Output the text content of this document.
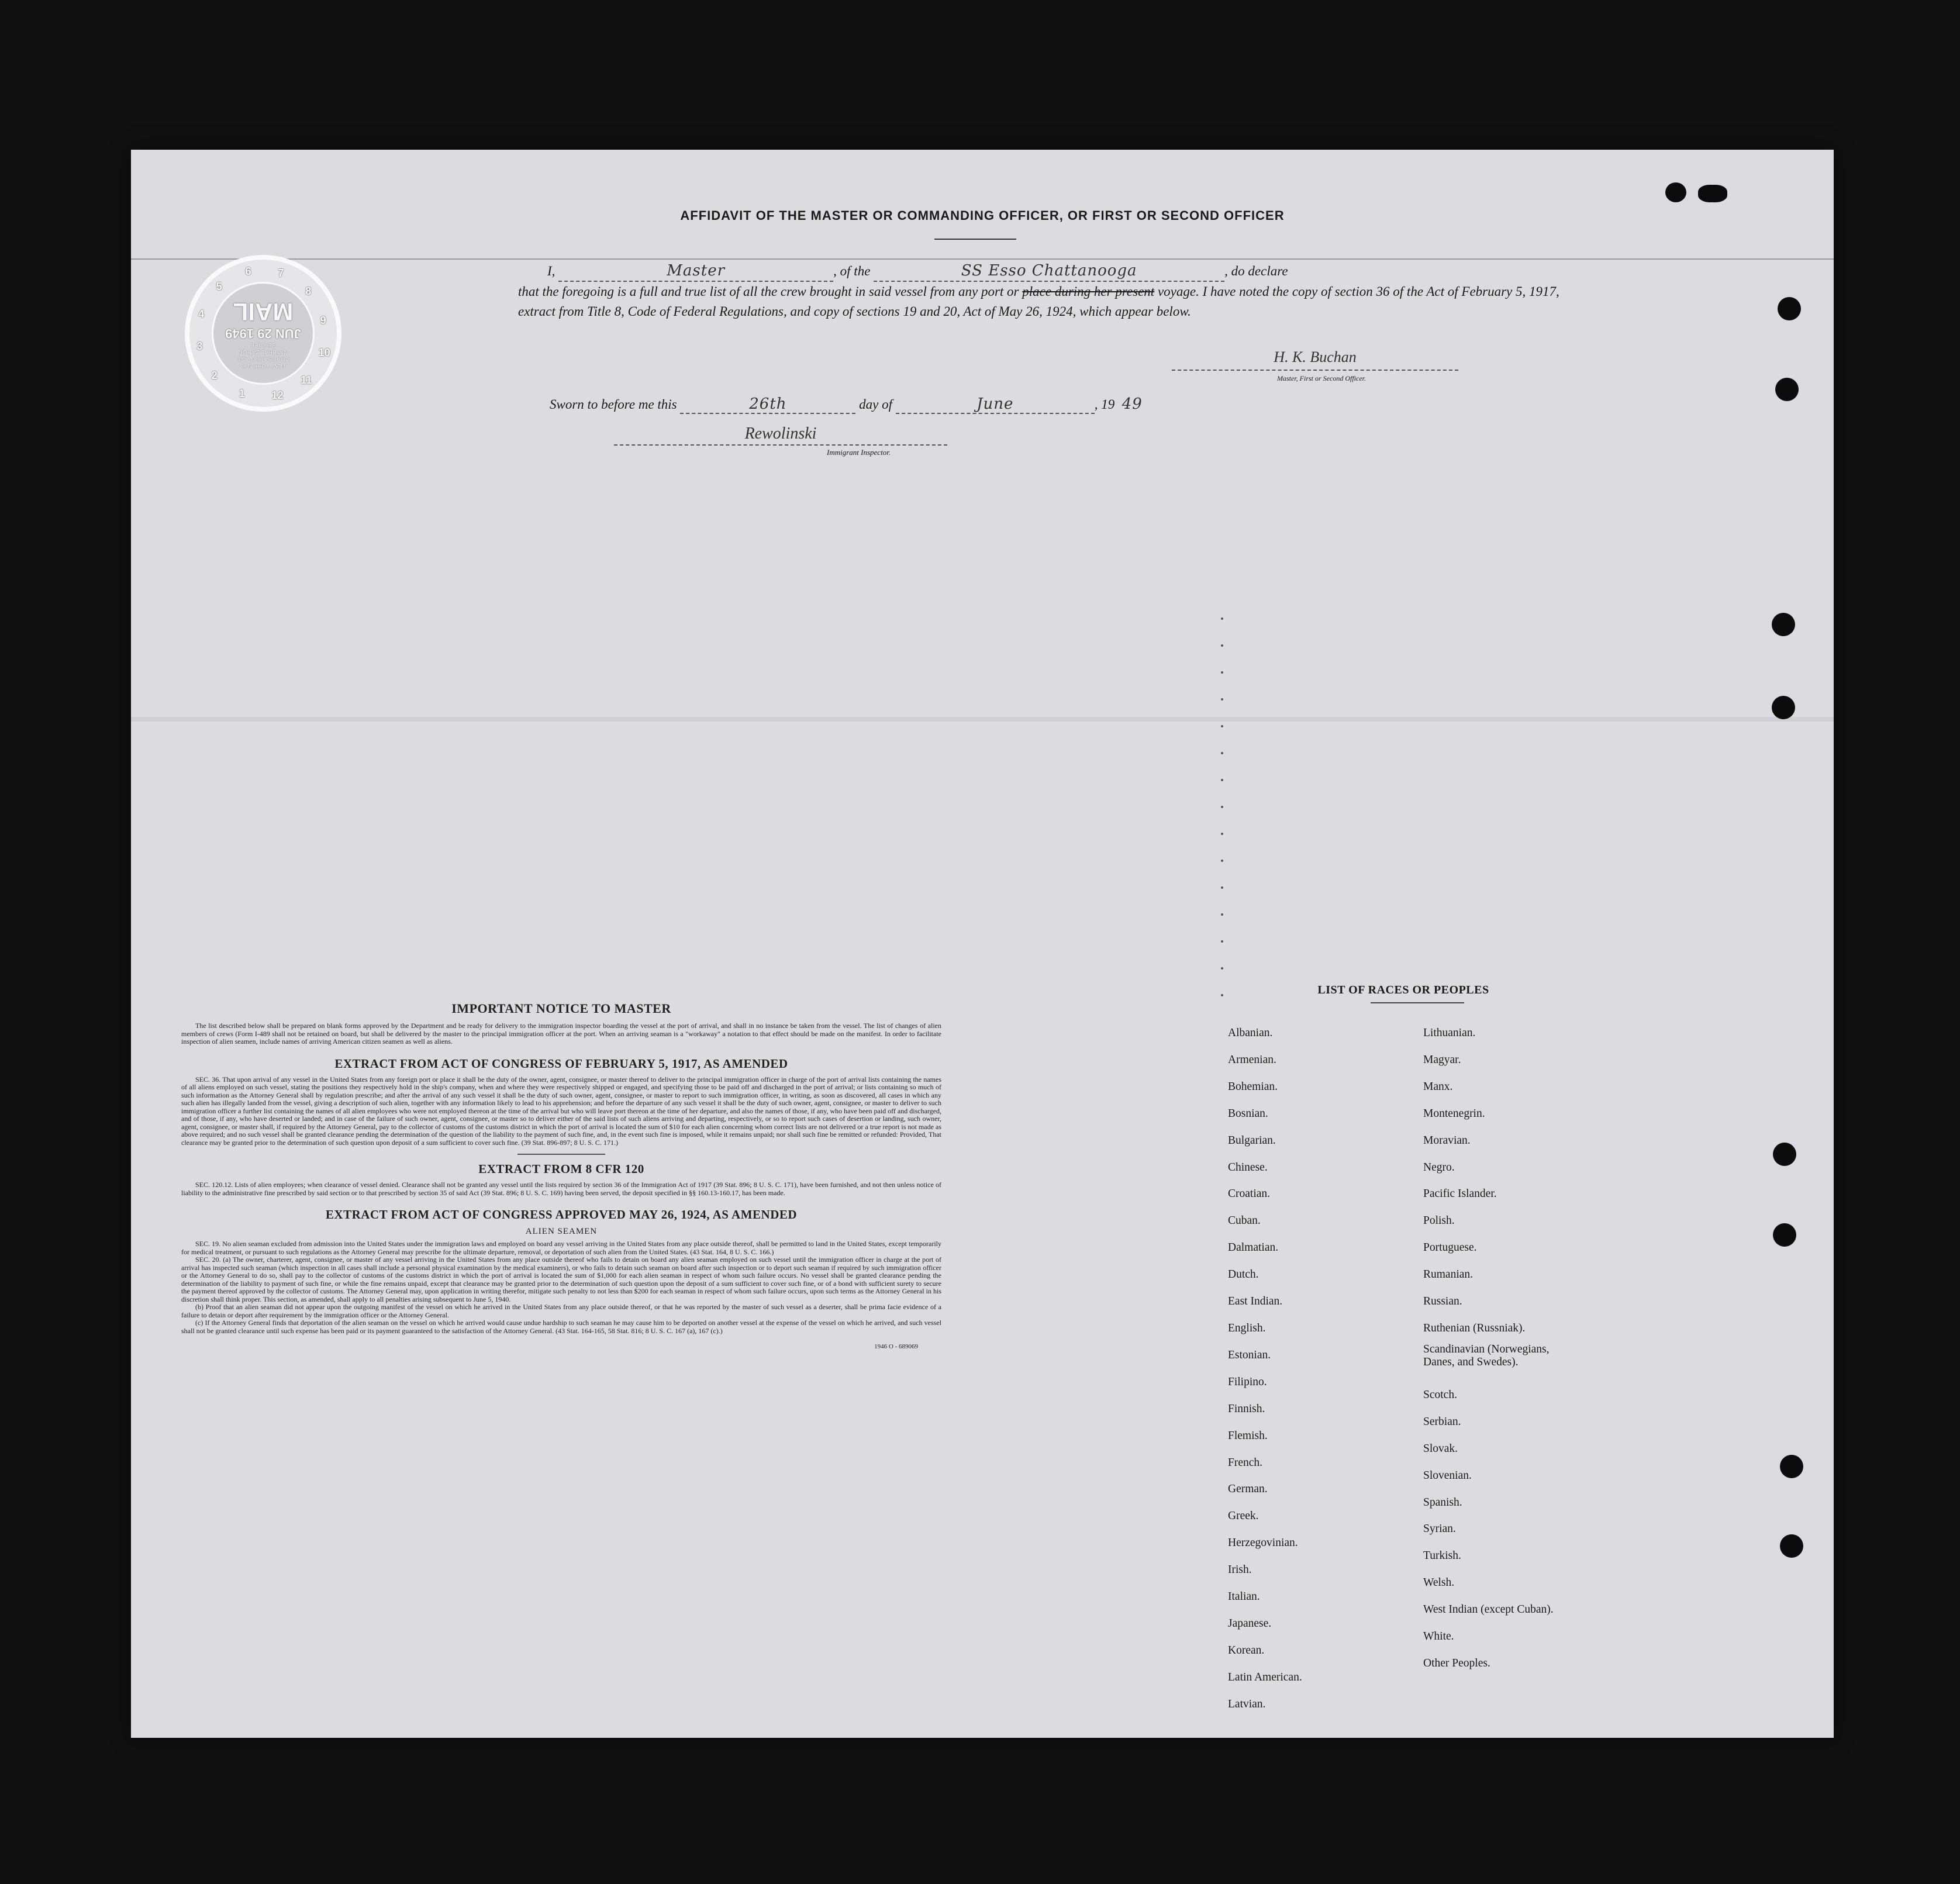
AFFIDAVIT OF THE MASTER OR COMMANDING OFFICER, OR FIRST OR SECOND OFFICER
1
2
3
4
5
6	7
8
9
10
11
12
NEW YORK N.Y.
IMMIGRATION AND NATURALIZATION SERVICE
JUN 29 1949
MAIL
I,	Master	, of the	SS Esso Chattanooga	, do declare
that the foregoing is a full and true list of all the crew brought in said vessel from any port or place during her present voyage. I have noted the copy of section 36 of the Act of February 5, 1917, extract from Title 8, Code of Federal Regulations, and copy of sections 19 and 20, Act of May 26, 1924, which appear below.
H. K. Buchan
Master, First or Second Officer.
Sworn to before me this	26th	day of	June	, 19 49
Rewolinski
Immigrant Inspector.
IMPORTANT NOTICE TO MASTER

The list described below shall be prepared on blank forms approved by the Department and be ready for delivery to the immigration inspector boarding the vessel at the port of arrival, and shall in no instance be taken from the vessel. The list of changes of alien members of crews (Form I-489 shall not be retained on board, but shall be delivered by the master to the principal immigration officer at the port. When an arriving seaman is a "workaway" a notation to that effect should be made on the manifest. In order to facilitate inspection of alien seamen, include names of arriving American citizen seamen as well as aliens.

EXTRACT FROM ACT OF CONGRESS OF FEBRUARY 5, 1917, AS AMENDED

SEC. 36. That upon arrival of any vessel in the United States from any foreign port or place it shall be the duty of the owner, agent, consignee, or master thereof to deliver to the principal immigration officer in charge of the port of arrival lists containing the names of all aliens employed on such vessel, stating the positions they respectively hold in the ship's company, when and where they were respectively shipped or engaged, and specifying those to be paid off and discharged in the port of arrival; or lists containing so much of such information as the Attorney General shall by regulation prescribe; and after the arrival of any such vessel it shall be the duty of such owner, agent, consignee, or master to report to such immigration officer, in writing, as soon as discovered, all cases in which any such alien has illegally landed from the vessel, giving a description of such alien, together with any information likely to lead to his apprehension; and before the departure of any such vessel it shall be the duty of such owner, agent, consignee, or master to deliver to such immigration officer a further list containing the names of all alien employees who were not employed thereon at the time of the arrival but who will leave port thereon at the time of her departure, and also the names of those, if any, who have been paid off and discharged, and of those, if any, who have deserted or landed; and in case of the failure of such owner, agent, consignee, or master so to deliver either of the said lists of such aliens arriving and departing, respectively, or so to report such cases of desertion or landing, such owner, agent, consignee, or master shall, if required by the Attorney General, pay to the collector of customs of the customs district in which the port of arrival is located the sum of $10 for each alien concerning whom correct lists are not delivered or a true report is not made as above required; and no such vessel shall be granted clearance pending the determination of the question of the liability to the payment of such fine, and, in the event such fine is imposed, while it remains unpaid; nor shall such fine be remitted or refunded: Provided, That clearance may be granted prior to the determination of such question upon deposit of a sum sufficient to cover such fine. (39 Stat. 896-897; 8 U. S. C. 171.)

EXTRACT FROM 8 CFR 120

SEC. 120.12. Lists of alien employees; when clearance of vessel denied. Clearance shall not be granted any vessel until the lists required by section 36 of the Immigration Act of 1917 (39 Stat. 896; 8 U. S. C. 171), have been furnished, and not then unless notice of liability to the administrative fine prescribed by said section or to that prescribed by section 35 of said Act (39 Stat. 896; 8 U. S. C. 169) having been served, the deposit specified in §§ 160.13-160.17, has been made.

EXTRACT FROM ACT OF CONGRESS APPROVED MAY 26, 1924, AS AMENDED
ALIEN SEAMEN

SEC. 19. No alien seaman excluded from admission into the United States under the immigration laws and employed on board any vessel arriving in the United States from any place outside thereof, shall be permitted to land in the United States, except temporarily for medical treatment, or pursuant to such regulations as the Attorney General may prescribe for the ultimate departure, removal, or deportation of such alien from the United States. (43 Stat. 164, 8 U. S. C. 166.)

SEC. 20. (a) The owner, charterer, agent, consignee, or master of any vessel arriving in the United States from any place outside thereof who fails to detain on board any alien seaman employed on such vessel until the immigration officer in charge at the port of arrival has inspected such seaman (which inspection in all cases shall include a personal physical examination by the medical examiners), or who fails to detain such seaman on board after such inspection or to deport such seaman if required by such immigration officer or the Attorney General to do so, shall pay to the collector of customs of the customs district in which the port of arrival is located the sum of $1,000 for each alien seaman in respect of whom such failure occurs. No vessel shall be granted clearance pending the determination of the liability to payment of such fine, or while the fine remains unpaid, except that clearance may be granted prior to the determination of such question upon the deposit of a sum sufficient to cover such fine, or of a bond with sufficient surety to secure the payment thereof approved by the collector of customs. The Attorney General may, upon application in writing therefor, mitigate such penalty to not less than $200 for each seaman in respect of whom such failure occurs, upon such terms as the Attorney General in his discretion shall think proper. This section, as amended, shall apply to all penalties arising subsequent to June 5, 1940.

(b) Proof that an alien seaman did not appear upon the outgoing manifest of the vessel on which he arrived in the United States from any place outside thereof, or that he was reported by the master of such vessel as a deserter, shall be prima facie evidence of a failure to detain or deport after requirement by the immigration officer or the Attorney General.

(c) If the Attorney General finds that deportation of the alien seaman on the vessel on which he arrived would cause undue hardship to such seaman he may cause him to be deported on another vessel at the expense of the vessel on which he arrived, and such vessel shall not be granted clearance until such expense has been paid or its payment guaranteed to the satisfaction of the Attorney General. (43 Stat. 164-165, 58 Stat. 816; 8 U. S. C. 167 (a), 167 (c).)

1946 O - 689069
LIST OF RACES OR PEOPLES
Albanian.
Armenian.
Bohemian.
Bosnian.
Bulgarian.
Chinese.
Croatian.
Cuban.
Dalmatian.
Dutch.
East Indian.
English.
Estonian.
Filipino.
Finnish.
Flemish.
French.
German.
Greek.
Herzegovinian.
Irish.
Italian.
Japanese.
Korean.
Latin American.
Latvian.
Lithuanian.
Magyar.
Manx.
Montenegrin.
Moravian.
Negro.
Pacific Islander.
Polish.
Portuguese.
Rumanian.
Russian.
Ruthenian (Russniak).
Scandinavian (Norwegians,
Danes, and Swedes).
Scotch.
Serbian.
Slovak.
Slovenian.
Spanish.
Syrian.
Turkish.
Welsh.
West Indian (except Cuban).
White.
Other Peoples.
